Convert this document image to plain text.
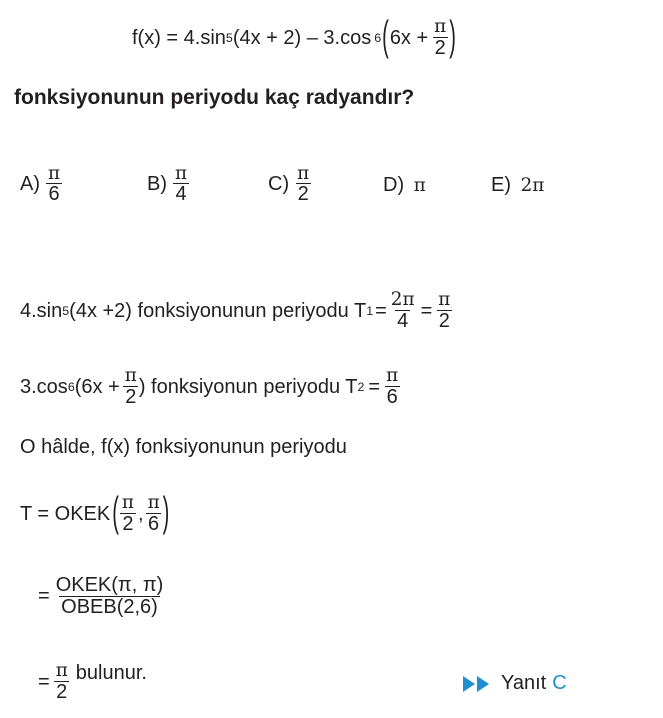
f(x) = 4.sin 5 (4x + 2) – 3.cos 6 ( $6x + \frac{\pi}{2}$ )
fonksiyonunun periyodu kaç radyandır?
$A) \frac{\pi}{6}$	$B) \frac{\pi}{4}$	$C) \frac{\pi}{2}$	D) π	E) 2π
4.sin 5 (4x +2) fonksiyonunun periyodu T $1 = \frac{2\pi}{4} = \frac{\pi}{2}$
3.cos 6 ($6x + \frac{\pi}{2}$ ) fonksiyonun periyodu T $2 = \frac{\pi}{6}$
O hâlde, f(x) fonksiyonunun periyodu
T = OKEK ( $\frac{\pi}{2}$ , $\frac{\pi}{6}$ )
= $\frac{\text{OKEK(π, π)}}{\text{OBEB(2,6)}}$
= $\frac{\pi}{2}$ bulunur.	Yanıt C
